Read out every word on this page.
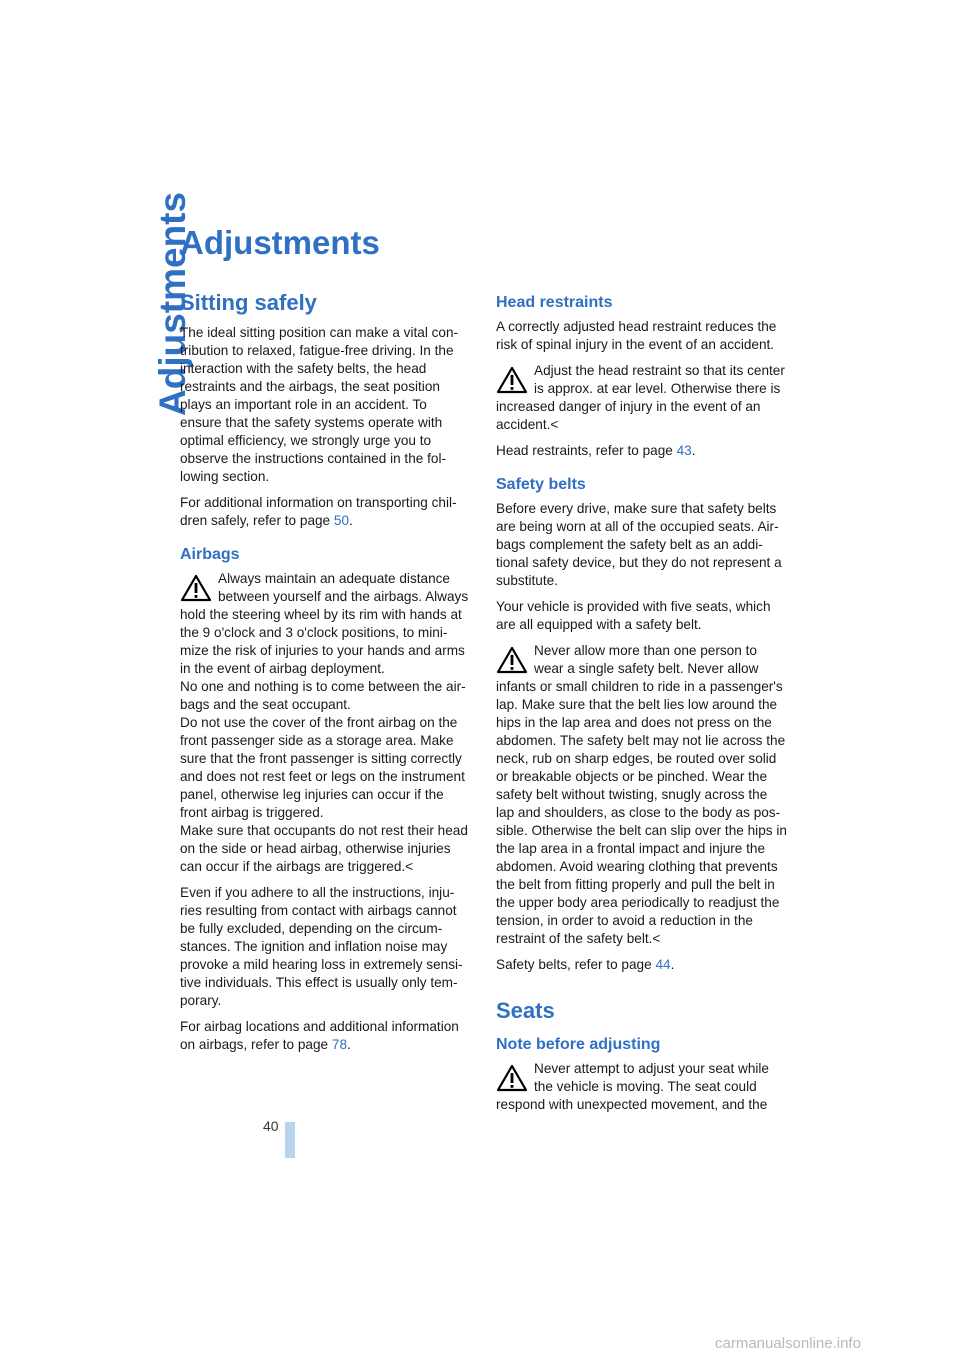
Adjustments
Adjustments
Sitting safely

The ideal sitting position can make a vital con-tribution to relaxed, fatigue-free driving. In the interaction with the safety belts, the head restraints and the airbags, the seat position plays an important role in an accident. To ensure that the safety systems operate with optimal efficiency, we strongly urge you to observe the instructions contained in the fol-lowing section.

For additional information on transporting chil-dren safely, refer to page 50.

Airbags
Always maintain an adequate distance between yourself and the airbags. Always hold the steering wheel by its rim with hands at the 9 o'clock and 3 o'clock positions, to mini-mize the risk of injuries to your hands and arms in the event of airbag deployment.
No one and nothing is to come between the air-bags and the seat occupant.
Do not use the cover of the front airbag on the front passenger side as a storage area. Make sure that the front passenger is sitting correctly and does not rest feet or legs on the instrument panel, otherwise leg injuries can occur if the front airbag is triggered.
Make sure that occupants do not rest their head on the side or head airbag, otherwise injuries can occur if the airbags are triggered.<

Even if you adhere to all the instructions, inju-ries resulting from contact with airbags cannot be fully excluded, depending on the circum-stances. The ignition and inflation noise may provoke a mild hearing loss in extremely sensi-tive individuals. This effect is usually only tem-porary.

For airbag locations and additional information on airbags, refer to page 78.

Head restraints

A correctly adjusted head restraint reduces the risk of spinal injury in the event of an accident.

Adjust the head restraint so that its center is approx. at ear level. Otherwise there is increased danger of injury in the event of an accident.<

Head restraints, refer to page 43.

Safety belts

Before every drive, make sure that safety belts are being worn at all of the occupied seats. Air-bags complement the safety belt as an addi-tional safety device, but they do not represent a substitute.

Your vehicle is provided with five seats, which are all equipped with a safety belt.

Never allow more than one person to wear a single safety belt. Never allow infants or small children to ride in a passenger's lap. Make sure that the belt lies low around the hips in the lap area and does not press on the abdomen. The safety belt may not lie across the neck, rub on sharp edges, be routed over solid or breakable objects or be pinched. Wear the safety belt without twisting, snugly across the lap and shoulders, as close to the body as pos-sible. Otherwise the belt can slip over the hips in the lap area in a frontal impact and injure the abdomen. Avoid wearing clothing that prevents the belt from fitting properly and pull the belt in the upper body area periodically to readjust the tension, in order to avoid a reduction in the restraint of the safety belt.<

Safety belts, refer to page 44.

Seats
Note before adjusting
Never attempt to adjust your seat while the vehicle is moving. The seat could respond with unexpected movement, and the
40
carmanualsonline.info
